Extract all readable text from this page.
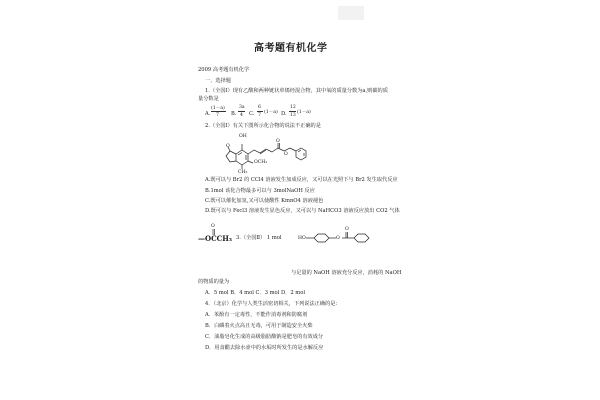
高考题有机化学
2009 高考题有机化学
一、选择题
1.（全国Ⅰ）现有乙酸和两种链状单烯烃混合物，其中氧的质量分数为a,则碳的质
量分数是
A.
(1－a)
7 B.
3a
4 C.
6
7
(1－a) D.
12
13
(1－a)
2.（全国Ⅰ）有关下图所示化合物的说法不正确的是
OH
OCH₃
CH₃
O
O
O
A.既可以与 Br2 的 CCl4 溶液发生加成反应，又可以在光照下与 Br2 发生取代反应
B.1mol 该化合物最多可以与 3molNaOH 反应
C.既可以催化加氢,又可以使酸性 KmnO4 溶液褪色
D.既可以与 Fecl3 溶液发生显色反应，又可以与 NaHCO3 溶液反应放出 CO2 气体
O
—OCCH₃ 3.（全国Ⅱ） 1 mol	HO	O
O
与足量的 NaOH 溶液充分反应，消耗的 NaOH
的物质的量为
A．5 mol B．4 mol C．3 mol D．2 mol
4．（北京）化学与人类生活密切相关，下列说法正确的是：
A．苯酚有一定毒性，不能作消毒剂和防腐剂
B．白磷着火点高且无毒，可用于制造安全火柴
C．油脂皂化生成的高级脂肪酸钠是肥皂的有效成分
D．用食醋去除水壶中的水垢时所发生的是水解反应
